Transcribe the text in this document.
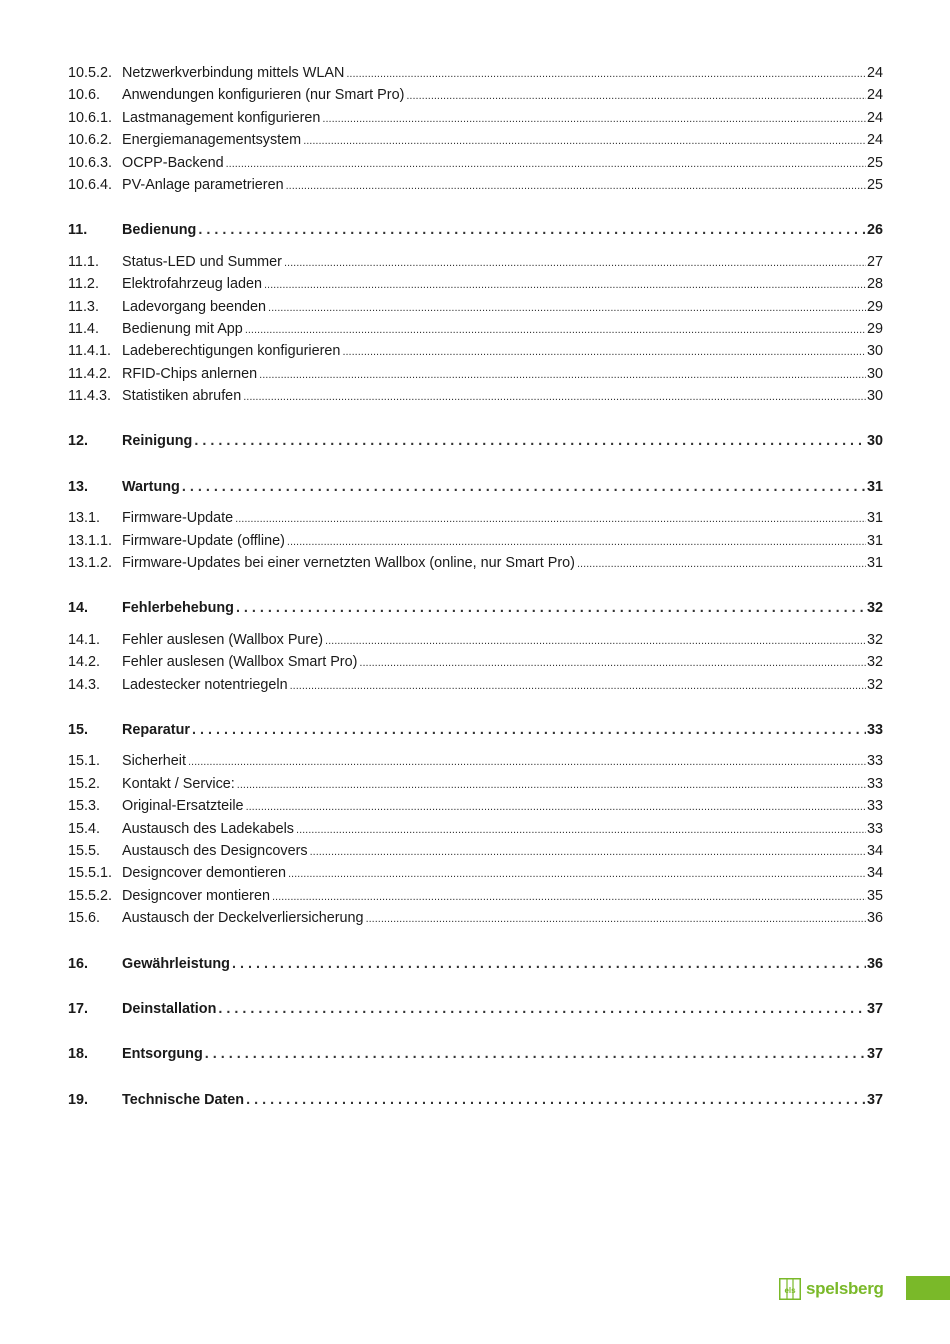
10.5.2. Netzwerkverbindung mittels WLAN .....	24
10.6.	Anwendungen konfigurieren (nur Smart Pro) .....	24
10.6.1. Lastmanagement konfigurieren .....	24
10.6.2. Energiemanagementsystem .....	24
10.6.3. OCPP-Backend .....	25
10.6.4. PV-Anlage parametrieren .....	25
11.	Bedienung . . .	26
11.1.	Status-LED und Summer .....	27
11.2.	Elektrofahrzeug laden .....	28
11.3.	Ladevorgang beenden .....	29
11.4.	Bedienung mit App .....	29
11.4.1. Ladeberechtigungen konfigurieren .....	30
11.4.2. RFID-Chips anlernen .....	30
11.4.3. Statistiken abrufen .....	30
12.	Reinigung . . .	30
13.	Wartung . . .	31
13.1.	Firmware-Update .....	31
13.1.1. Firmware-Update (offline) .....	31
13.1.2. Firmware-Updates bei einer vernetzten Wallbox (online, nur Smart Pro) .....	31
14.	Fehlerbehebung . . .	32
14.1.	Fehler auslesen (Wallbox Pure) .....	32
14.2.	Fehler auslesen (Wallbox Smart Pro) .....	32
14.3.	Ladestecker notentriegeln .....	32
15.	Reparatur . . .	33
15.1.	Sicherheit .....	33
15.2.	Kontakt / Service: .....	33
15.3.	Original-Ersatzteile .....	33
15.4.	Austausch des Ladekabels .....	33
15.5.	Austausch des Designcovers .....	34
15.5.1. Designcover demontieren .....	34
15.5.2. Designcover montieren .....	35
15.6.	Austausch der Deckelverliersicherung .....	36
16.	Gewährleistung . . .	36
17.	Deinstallation . . .	37
18.	Entsorgung . . .	37
19.	Technische Daten . . .	37
els spelsberg
